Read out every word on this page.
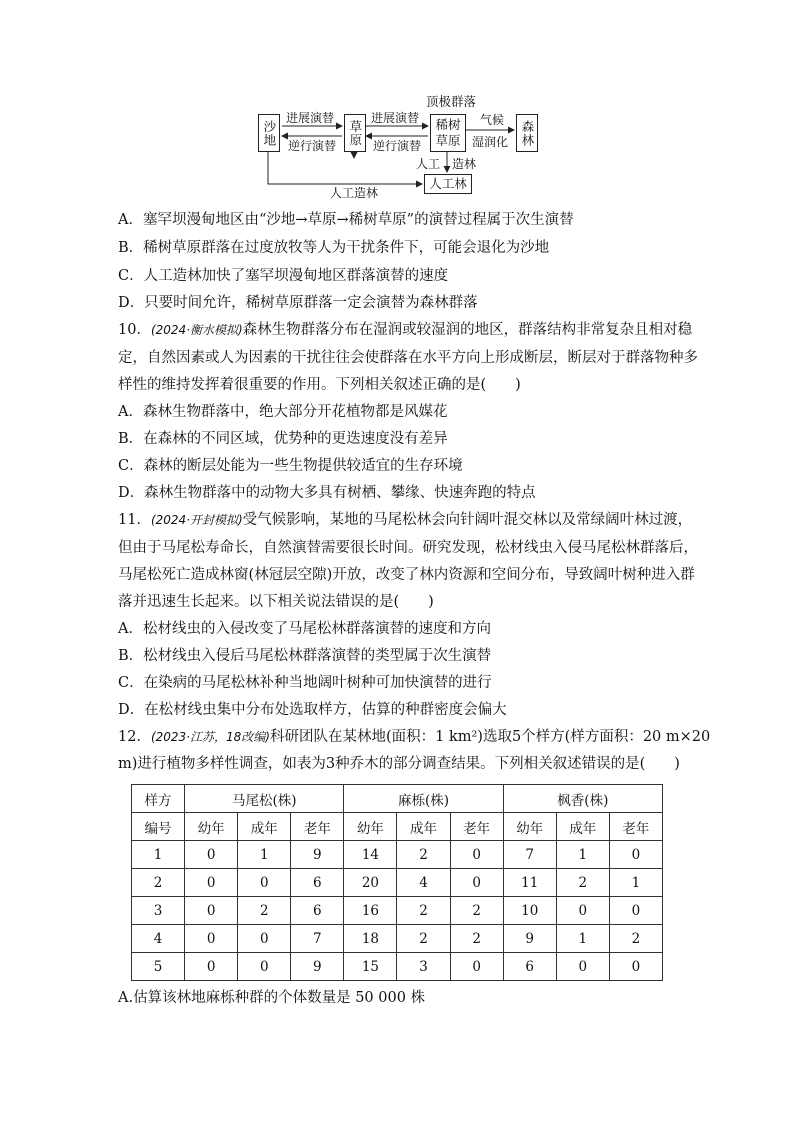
顶极群落
沙地	草原	稀树草原	森林
人工林
进展演替
逆行演替
进展演替
逆行演替
气候
湿润化
人工 造林
人工造林
A．塞罕坝漫甸地区由“沙地→草原→稀树草原”的演替过程属于次生演替
B．稀树草原群落在过度放牧等人为干扰条件下，可能会退化为沙地
C．人工造林加快了塞罕坝漫甸地区群落演替的速度
D．只要时间允许，稀树草原群落一定会演替为森林群落
10．(2024·衡水模拟)森林生物群落分布在湿润或较湿润的地区，群落结构非常复杂且相对稳
定，自然因素或人为因素的干扰往往会使群落在水平方向上形成断层，断层对于群落物种多
样性的维持发挥着很重要的作用。下列相关叙述正确的是(　　)
A．森林生物群落中，绝大部分开花植物都是风媒花
B．在森林的不同区域，优势种的更迭速度没有差异
C．森林的断层处能为一些生物提供较适宜的生存环境
D．森林生物群落中的动物大多具有树栖、攀缘、快速奔跑的特点
11．(2024·开封模拟)受气候影响，某地的马尾松林会向针阔叶混交林以及常绿阔叶林过渡，
但由于马尾松寿命长，自然演替需要很长时间。研究发现，松材线虫入侵马尾松林群落后，
马尾松死亡造成林窗(林冠层空隙)开放，改变了林内资源和空间分布，导致阔叶树种进入群
落并迅速生长起来。以下相关说法错误的是(　　)
A．松材线虫的入侵改变了马尾松林群落演替的速度和方向
B．松材线虫入侵后马尾松林群落演替的类型属于次生演替
C．在染病的马尾松林补种当地阔叶树种可加快演替的进行
D．在松材线虫集中分布处选取样方，估算的种群密度会偏大
12．(2023·江苏，18改编)科研团队在某林地(面积：1 km²)选取5个样方(样方面积：20 m×20
m)进行植物多样性调查，如表为3种乔木的部分调查结果。下列相关叙述错误的是(　　)
样方	马尾松(株)			麻栎(株)			枫香(株)		
编号	幼年	成年	老年	幼年	成年	老年	幼年	成年	老年
1	0	1	9	14	2	0	7	1	0
2	0	0	6	20	4	0	11	2	1
3	0	2	6	16	2	2	10	0	0
4	0	0	7	18	2	2	9	1	2
5	0	0	9	15	3	0	6	0	0
A.估算该林地麻栎种群的个体数量是 50 000 株
